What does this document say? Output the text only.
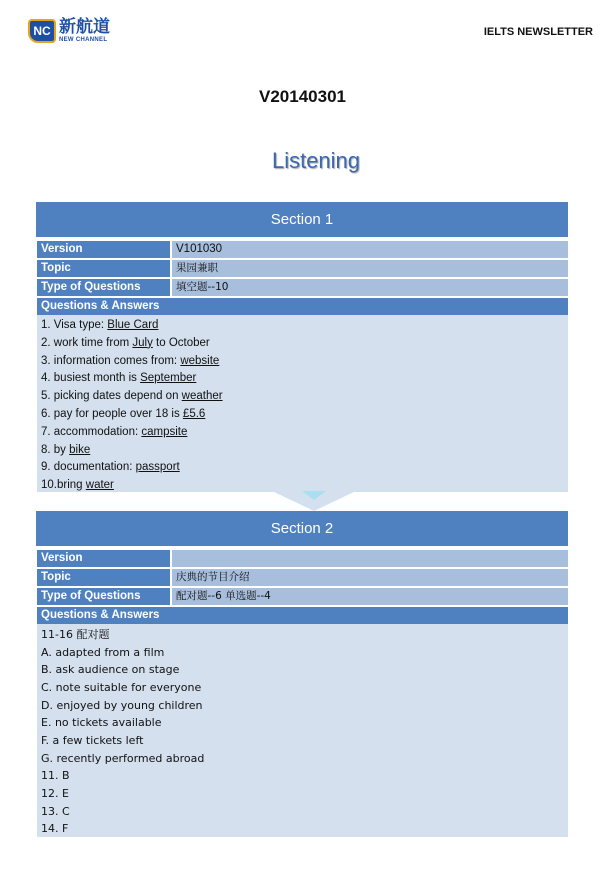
NC 新航道
NEW CHANNEL
IELTS NEWSLETTER
V20140301
Listening
Section 1
Version	V101030
Topic	果园兼职
Type of Questions	填空题--10
Questions & Answers
1. Visa type: Blue Card
2. work time from July to October
3. information comes from: website
4. busiest month is September
5. picking dates depend on weather
6. pay for people over 18 is £5.6
7. accommodation: campsite
8. by bike
9. documentation: passport
10.bring water
Section 2
Version
Topic	庆典的节目介绍
Type of Questions	配对题--6 单选题--4
Questions & Answers
11-16 配对题
A. adapted from a film
B. ask audience on stage
C. note suitable for everyone
D. enjoyed by young children
E. no tickets available
F. a few tickets left
G. recently performed abroad
11. B
12. E
13. C
14. F
